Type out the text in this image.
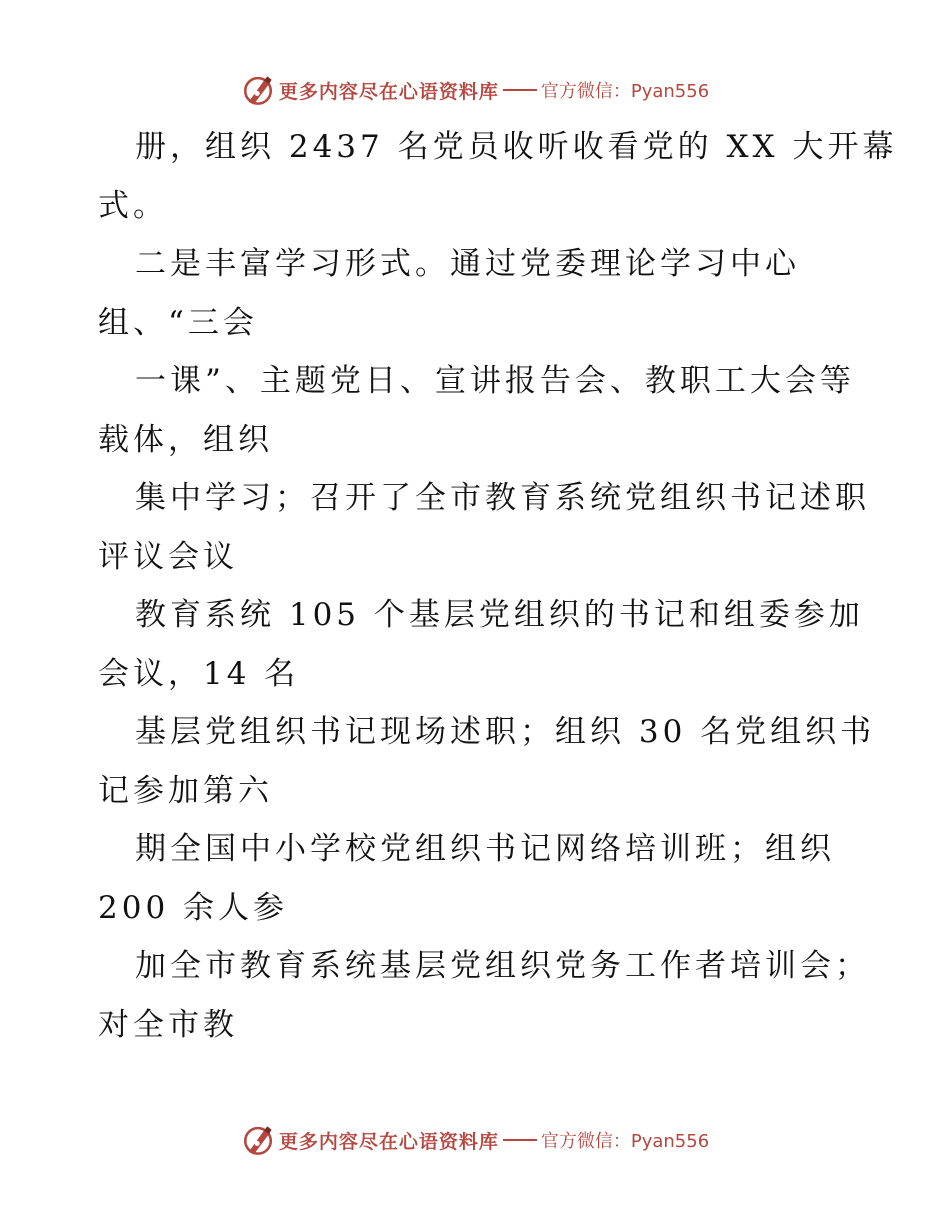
更多内容尽在心语资料库 官方微信：Pyan556
册，组织 2437 名党员收听收看党的 XX 大开幕
式。
二是丰富学习形式。通过党委理论学习中心
组、“三会
一课”、主题党日、宣讲报告会、教职工大会等
载体，组织
集中学习；召开了全市教育系统党组织书记述职
评议会议
教育系统 105 个基层党组织的书记和组委参加
会议，14 名
基层党组织书记现场述职；组织 30 名党组织书
记参加第六
期全国中小学校党组织书记网络培训班；组织
200 余人参
加全市教育系统基层党组织党务工作者培训会；
对全市教
更多内容尽在心语资料库 官方微信：Pyan556
